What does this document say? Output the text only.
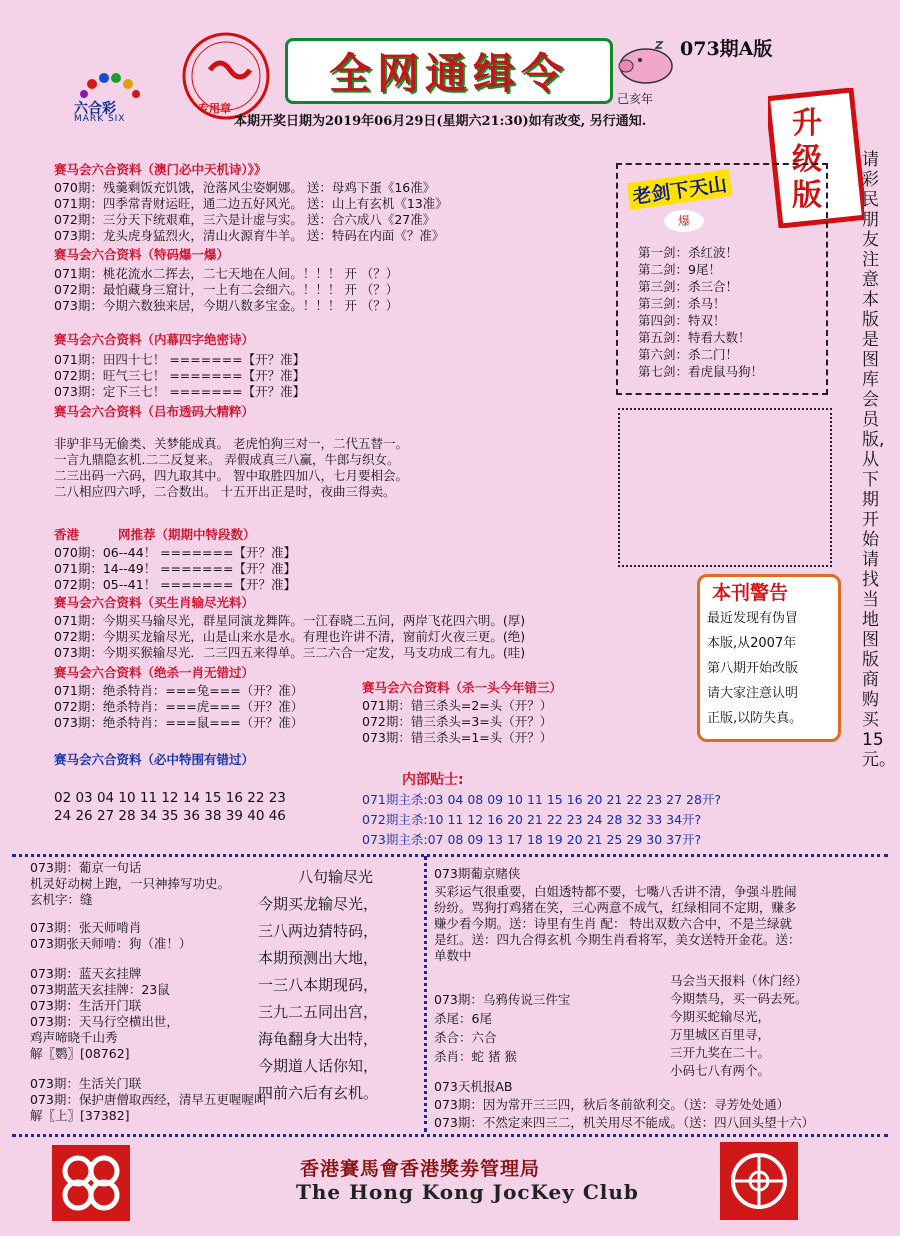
六合彩
MARK SIX
专用章
全网通缉令	073期A版
己亥年
本期开奖日期为2019年06月29日(星期六21:30)如有改变, 另行通知.	升级版
请彩民朋友注意本版是图库会员版,从下期开始请找当地图版商购买15元。
赛马会六合资料（澳门必中天机诗）》》
070期：残羹剩饭充饥饿，沧落风尘姿婀娜。 送：母鸡下蛋《16准》
071期：四季常青财运旺，通二边五好风光。 送：山上有玄机《13准》
072期：三分天下统艰难，三六是计虚与实。 送：合六成八《27准》
073期：龙头虎身猛烈火，清山火源育牛羊。 送：特码在内面《？准》
赛马会六合资料（特码爆一爆）
071期：桃花流水二挥去，二七天地在人间。！！！ 开 （？）
072期：最怕藏身三窟计，一上有二会细六。！！！ 开 （？）
073期：今期六数独来居，今期八数多宝金。！！！ 开 （？）
赛马会六合资料（内幕四字绝密诗）
071期：田四十七！ =======【开？准】
072期：旺气三七！ =======【开？准】
073期：定下三七！ =======【开？准】
赛马会六合资料（吕布透码大精粹）
非驴非马无偷类、关梦能成真。 老虎怕狗三对一，二代五替一。
一言九鼎隐玄机.二二反复来。 弄假成真三八赢，牛郎与织女。
二三出码一六码，四九取其中。 智中取胜四加八，七月要相会。
二八相应四六呼，二合数出。 十五开出正是时，夜曲三得卖。
香港	网推荐（期期中特段数）
070期：06--44！ =======【开？准】
071期：14--49！ =======【开？准】
072期：05--41！ =======【开？准】
赛马会六合资料（买生肖输尽光料）
071期：今期买马输尽光，群星同演龙舞阵。一江春晓二五问，两岸飞花四六明。(厚)
072期：今期买龙输尽光，山是山来水是水。有理也许讲不清，窗前灯火夜三更。(绝)
073期：今期买猴输尽光．二三四五来得单。三二六合一定发，马支功成二有九。(哇)
赛马会六合资料（绝杀一肖无错过）
071期：绝杀特肖：===兔===（开？准）
072期：绝杀特肖：===虎===（开？准）
073期：绝杀特肖：===鼠===（开？准）
赛马会六合资料（杀一头今年错三）
071期：错三杀头=2=头（开？）
072期：错三杀头=3=头（开？）
073期：错三杀头=1=头（开？）
赛马会六合资料（必中特围有错过）
02 03 04 10 11 12 14 15 16 22 23
24 26 27 28 34 35 36 38 39 40 46
内部贴士:
071期主杀:03 04 08 09 10 11 15 16 20 21 22 23 27 28开?
072期主杀:10 11 12 16 20 21 22 23 24 28 32 33 34开?
073期主杀:07 08 09 13 17 18 19 20 21 25 29 30 37开?
老剑下天山
爆
第一剑：杀红波！
第二剑：9尾！
第三剑：杀三合！
第三剑：杀马！
第四剑：特双！
第五剑：特看大数！
第六剑：杀二门！
第七剑：看虎鼠马狗！
本刊警告
最近发现有伪冒
本版,从2007年
第八期开始改版
请大家注意认明
正版,以防失真。
073期：葡京一句话
机灵好动树上跑，一只神捧写功史。
玄机字：缝
073期：张天师啃肖
073期张天师啃：狗（准！）
073期：蓝天玄挂牌
073期蓝天玄挂牌：23鼠
073期：生活开门联
073期：天马行空横出世，
鸡声啼晓千山秀
解〖鹦〗[08762]
073期：生活关门联
073期：保护唐僧取西经，清早五更喔喔叫
解〖上〗[37382]
八句输尽光
今期买龙输尽光，
三八两边猜特码，
本期预测出大地，
一三八本期现码，
三九二五同出宫，
海龟翻身大出特，
今期道人话你知，
四前六后有玄机。
073期葡京赌侠
买彩运气很重要，白姐透特都不要，七嘴八舌讲不清，争强斗胜闹
纷纷。骂狗打鸡猪在笑，三心两意不成气，红绿相同不定期，赚多
赚少看今期。送：诗里有生肖 配： 特出双数六合中，不是兰绿就
是红。送：四九合得玄机 今期生肖看将军，美女送特开金花。送：
单数中
073期：乌鸦传说三件宝
杀尾：6尾
杀合：六合
杀肖：蛇 猪 猴
马会当天报料（休门经）
今期禁马，买一码去死。
今期买蛇输尽光，
万里城区百里寻，
三开九奖在二十。
小码七八有两个。
073天机报AB
073期：因为常开三三四，秋后冬前欲利交。（送：寻芳处处通）
073期：不然定来四三二，机关用尽不能成。（送：四八回头望十六）
香港賽馬會香港獎劵管理局
The Hong Kong JocKey Club
